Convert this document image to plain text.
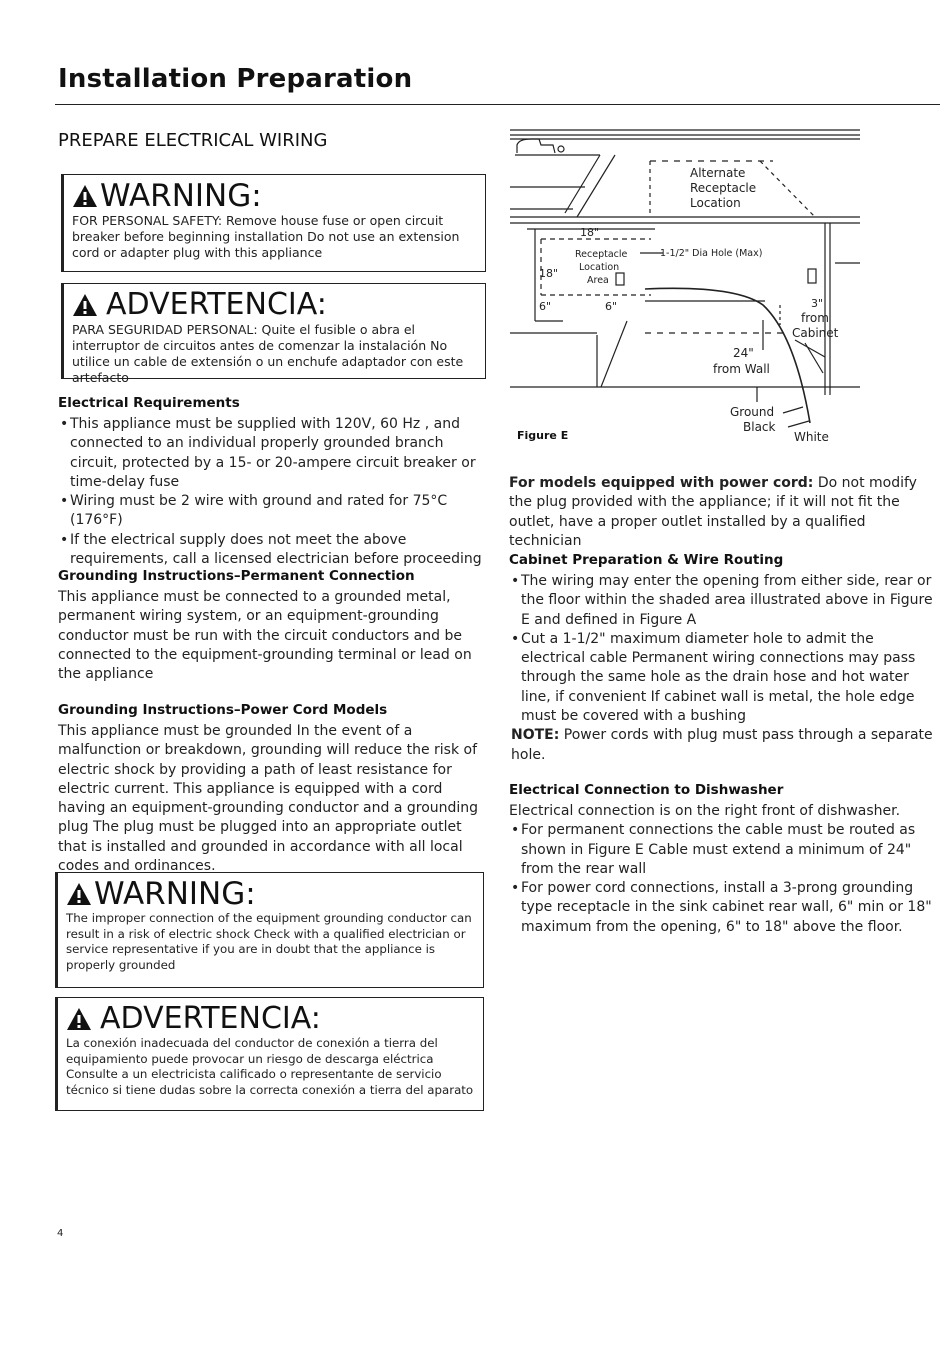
Installation Preparation
PREPARE ELECTRICAL WIRING
WARNING:
FOR PERSONAL SAFETY: Remove house fuse or open circuit breaker before beginning installation Do not use an extension cord or adapter plug with this appliance
ADVERTENCIA:
PARA SEGURIDAD PERSONAL: Quite el fusible o abra el interruptor de circuitos antes de comenzar la instalación No utilice un cable de extensión o un enchufe adaptador con este artefacto

Electrical Requirements

• This appliance must be supplied with 120V, 60 Hz , and connected to an individual properly grounded branch circuit, protected by a 15- or 20-ampere circuit breaker or time-delay fuse

• Wiring must be 2 wire with ground and rated for 75°C (176°F)

• If the electrical supply does not meet the above requirements, call a licensed electrician before proceeding

Grounding Instructions–Permanent Connection

This appliance must be connected to a grounded metal, permanent wiring system, or an equipment-grounding conductor must be run with the circuit conductors and be connected to the equipment-grounding terminal or lead on the appliance

Grounding Instructions–Power Cord Models

This appliance must be grounded In the event of a malfunction or breakdown, grounding will reduce the risk of electric shock by providing a path of least resistance for electric current. This appliance is equipped with a cord having an equipment-grounding conductor and a grounding plug The plug must be plugged into an appropriate outlet that is installed and grounded in accordance with all local codes and ordinances.

WARNING:
The improper connection of the equipment grounding conductor can result in a risk of electric shock Check with a qualified electrician or service representative if you are in doubt that the appliance is properly grounded
ADVERTENCIA:
La conexión inadecuada del conductor de conexión a tierra del equipamiento puede provocar un riesgo de descarga eléctrica Consulte a un electricista calificado o representante de servicio técnico si tiene dudas sobre la correcta conexión a tierra del aparato
Alternate
Receptacle
Location
18"
Receptacle
Location
Area
1-1/2" Dia Hole (Max)
18"
6"	6"	3"
from
Cabinet
24"
from Wall
Ground
Black
White
Figure E

For models equipped with power cord: Do not modify the plug provided with the appliance; if it will not fit the outlet, have a proper outlet installed by a qualified technician

Cabinet Preparation & Wire Routing

• The wiring may enter the opening from either side, rear or the floor within the shaded area illustrated above in Figure E and defined in Figure A

• Cut a 1-1/2" maximum diameter hole to admit the electrical cable Permanent wiring connections may pass through the same hole as the drain hose and hot water line, if convenient If cabinet wall is metal, the hole edge must be covered with a bushing

NOTE: Power cords with plug must pass through a separate hole.

Electrical Connection to Dishwasher

Electrical connection is on the right front of dishwasher.

• For permanent connections the cable must be routed as shown in Figure E Cable must extend a minimum of 24" from the rear wall

• For power cord connections, install a 3-prong grounding type receptacle in the sink cabinet rear wall, 6" min or 18" maximum from the opening, 6" to 18" above the floor.

4
